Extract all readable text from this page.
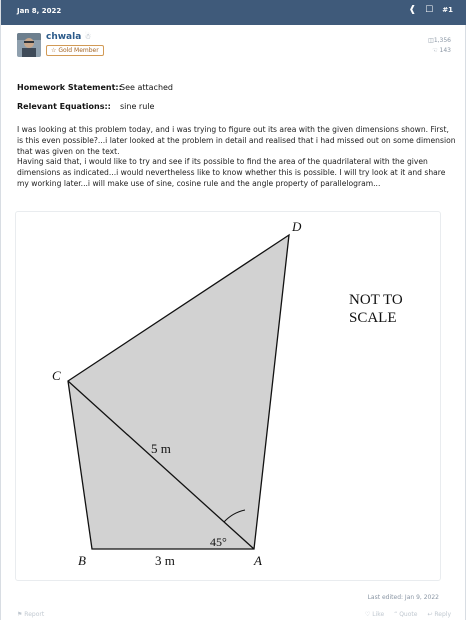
Jan 8, 2022	❰ ☐ #1
chwala ☃
☆ Gold Member
◫1,356
☜ 143
Homework Statement::
See attached
Relevant Equations:: sine rule

I was looking at this problem today, and i was trying to figure out its area with the given dimensions shown. First, is this even possible?...i later looked at the problem in detail and realised that i had missed out on some dimension that was given on the text.

Having said that, i would like to try and see if its possible to find the area of the quadrilateral with the given dimensions as indicated...i would nevertheless like to know whether this is possible. I will try look at it and share my working later...i will make use of sine, cosine rule and the angle property of parallelogram...

D
C
B	A
5 m
3 m
45°
NOT TO
SCALE
Last edited: Jan 9, 2022
⚑ Report	♡ Like “ Quote ↩ Reply
